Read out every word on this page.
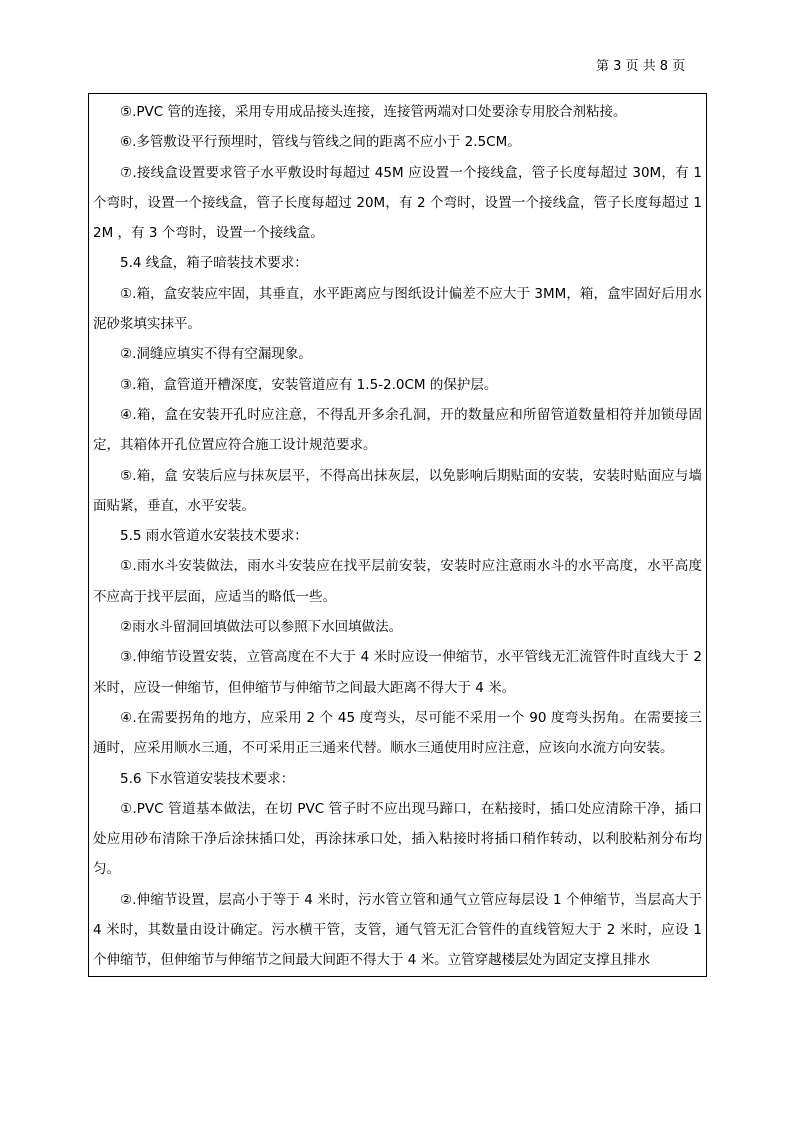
第 3 页 共 8 页

⑤.PVC 管的连接，采用专用成品接头连接，连接管两端对口处要涂专用胶合剂粘接。

⑥.多管敷设平行预埋时，管线与管线之间的距离不应小于 2.5CM。

⑦.接线盒设置要求管子水平敷设时每超过 45M 应设置一个接线盒，管子长度每超过 30M，有 1 个弯时，设置一个接线盒，管子长度每超过 20M，有 2 个弯时，设置一个接线盒，管子长度每超过 12M ，有 3 个弯时，设置一个接线盒。

5.4 线盒，箱子暗装技术要求：

①.箱，盒安装应牢固，其垂直，水平距离应与图纸设计偏差不应大于 3MM，箱，盒牢固好后用水泥砂浆填实抹平。

②.洞缝应填实不得有空漏现象。

③.箱，盒管道开槽深度，安装管道应有 1.5-2.0CM 的保护层。

④.箱，盒在安装开孔时应注意，不得乱开多余孔洞，开的数量应和所留管道数量相符并加锁母固定，其箱体开孔位置应符合施工设计规范要求。

⑤.箱，盒 安装后应与抹灰层平，不得高出抹灰层，以免影响后期贴面的安装，安装时贴面应与墙面贴紧，垂直，水平安装。

5.5 雨水管道水安装技术要求：

①.雨水斗安装做法，雨水斗安装应在找平层前安装，安装时应注意雨水斗的水平高度，水平高度不应高于找平层面，应适当的略低一些。

②雨水斗留洞回填做法可以参照下水回填做法。

③.伸缩节设置安装，立管高度在不大于 4 米时应设一伸缩节，水平管线无汇流管件时直线大于 2 米时，应设一伸缩节，但伸缩节与伸缩节之间最大距离不得大于 4 米。

④.在需要拐角的地方，应采用 2 个 45 度弯头，尽可能不采用一个 90 度弯头拐角。在需要接三通时，应采用顺水三通，不可采用正三通来代替。顺水三通使用时应注意，应该向水流方向安装。

5.6 下水管道安装技术要求：

①.PVC 管道基本做法，在切 PVC 管子时不应出现马蹄口，在粘接时，插口处应清除干净，插口处应用砂布清除干净后涂抹插口处，再涂抹承口处，插入粘接时将插口稍作转动，以利胶粘剂分布均匀。

②.伸缩节设置，层高小于等于 4 米时，污水管立管和通气立管应每层设 1 个伸缩节，当层高大于 4 米时，其数量由设计确定。污水横干管，支管，通气管无汇合管件的直线管短大于 2 米时，应设 1 个伸缩节，但伸缩节与伸缩节之间最大间距不得大于 4 米。立管穿越楼层处为固定支撑且排水
